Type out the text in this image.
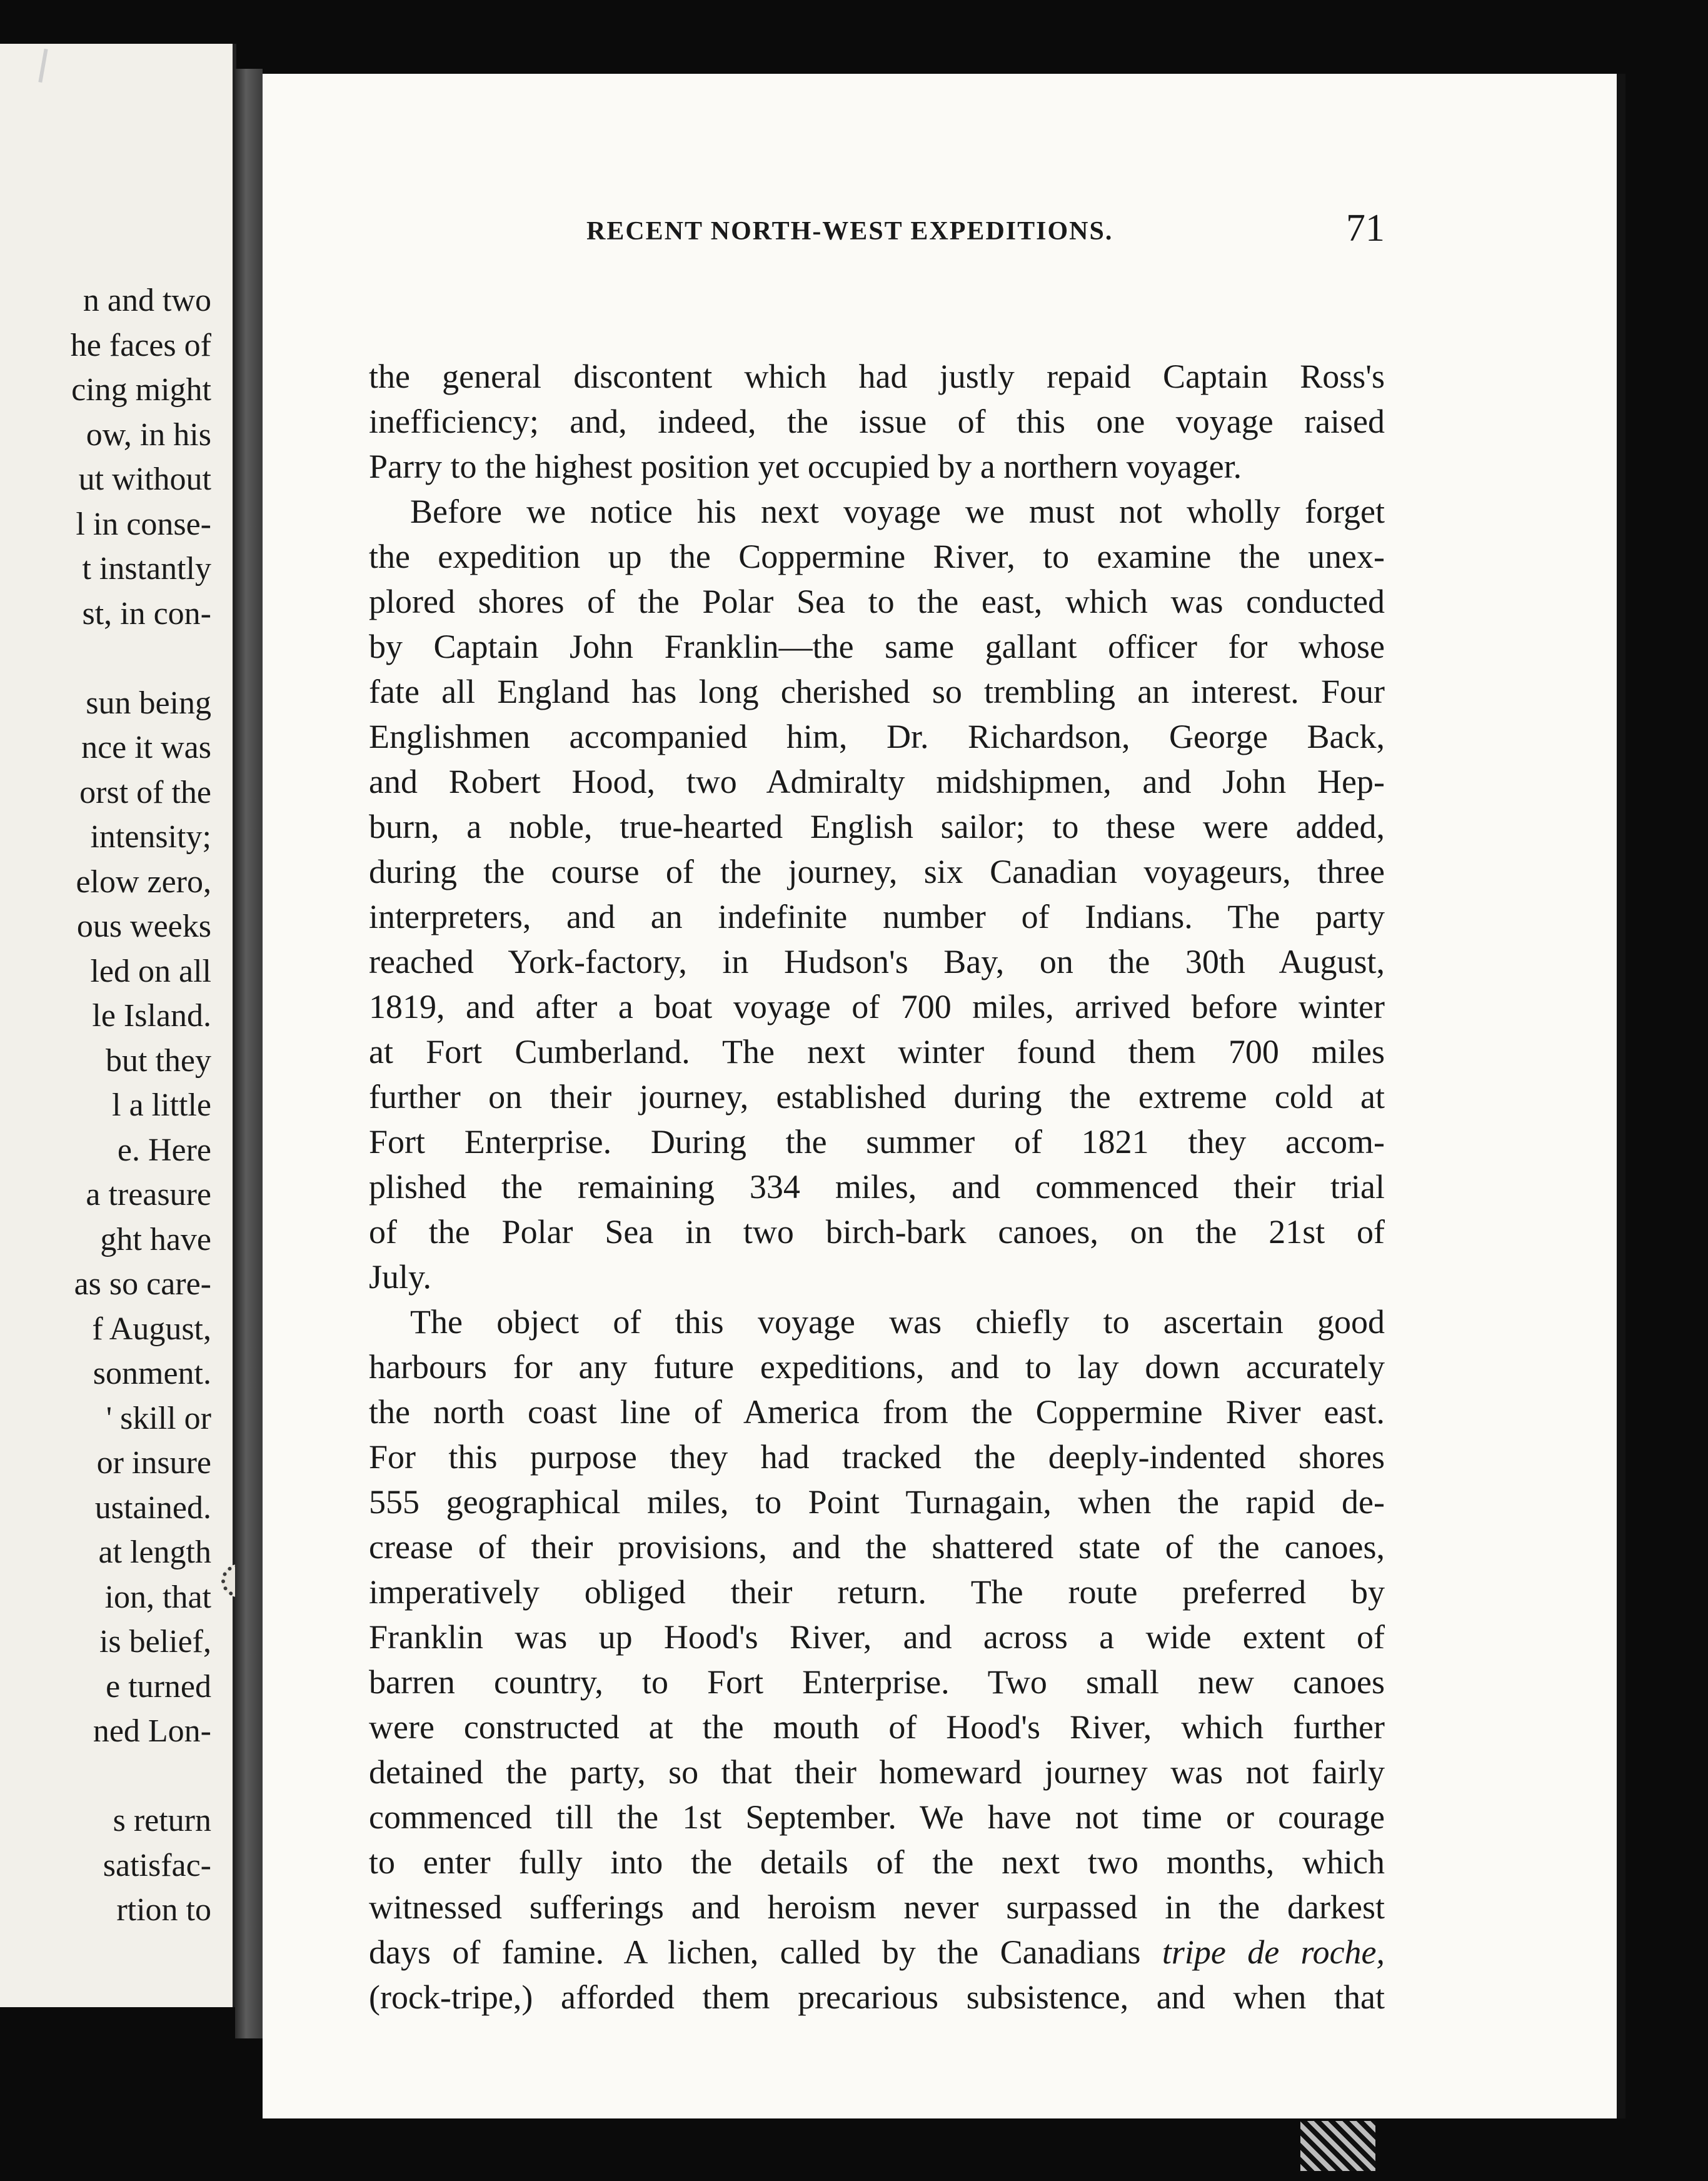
n and two
he faces of
cing might
ow, in his
ut without
l in conse-
t instantly
st, in con-
sun being
nce it was
orst of the
intensity;
elow zero,
ous weeks
led on all
le Island.
but they
l a little
e. Here
a treasure
ght have
as so care-
f August,
sonment.
' skill or
or insure
ustained.
at length
ion, that
is belief,
e turned
ned Lon-
s return
satisfac-
rtion to
RECENT NORTH-WEST EXPEDITIONS.	71
the general discontent which had justly repaid Captain Ross's
inefficiency; and, indeed, the issue of this one voyage raised
Parry to the highest position yet occupied by a northern voyager.
Before we notice his next voyage we must not wholly forget
the expedition up the Coppermine River, to examine the unex-
plored shores of the Polar Sea to the east, which was conducted
by Captain John Franklin—the same gallant officer for whose
fate all England has long cherished so trembling an interest. Four
Englishmen accompanied him, Dr. Richardson, George Back,
and Robert Hood, two Admiralty midshipmen, and John Hep-
burn, a noble, true-hearted English sailor; to these were added,
during the course of the journey, six Canadian voyageurs, three
interpreters, and an indefinite number of Indians. The party
reached York-factory, in Hudson's Bay, on the 30th August,
1819, and after a boat voyage of 700 miles, arrived before winter
at Fort Cumberland. The next winter found them 700 miles
further on their journey, established during the extreme cold at
Fort Enterprise. During the summer of 1821 they accom-
plished the remaining 334 miles, and commenced their trial
of the Polar Sea in two birch-bark canoes, on the 21st of
July.
The object of this voyage was chiefly to ascertain good
harbours for any future expeditions, and to lay down accurately
the north coast line of America from the Coppermine River east.
For this purpose they had tracked the deeply-indented shores
555 geographical miles, to Point Turnagain, when the rapid de-
crease of their provisions, and the shattered state of the canoes,
imperatively obliged their return. The route preferred by
Franklin was up Hood's River, and across a wide extent of
barren country, to Fort Enterprise. Two small new canoes
were constructed at the mouth of Hood's River, which further
detained the party, so that their homeward journey was not fairly
commenced till the 1st September. We have not time or courage
to enter fully into the details of the next two months, which
witnessed sufferings and heroism never surpassed in the darkest
days of famine. A lichen, called by the Canadians tripe de roche,
(rock-tripe,) afforded them precarious subsistence, and when that
